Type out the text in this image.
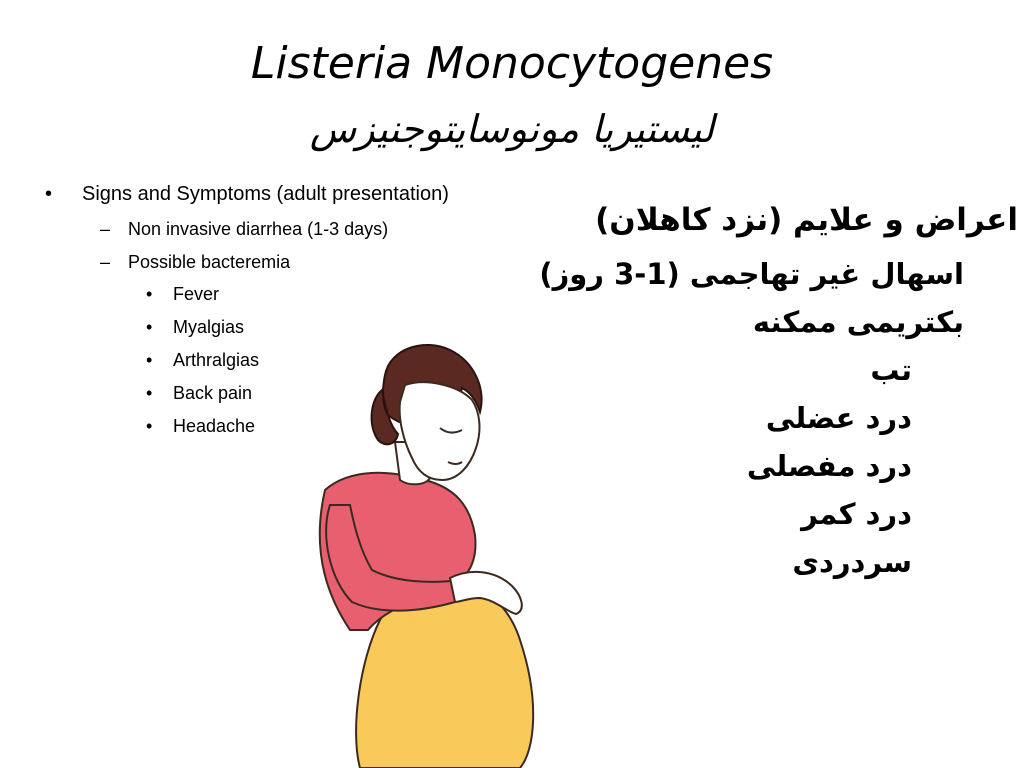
Listeria Monocytogenes
لیستیریا مونوسایتوجنیزس
• Signs and Symptoms (adult presentation)
– Non invasive diarrhea (1-3 days)
– Possible bacteremia
• Fever
• Myalgias
• Arthralgias
• Back pain
• Headache
اعراض و علایم (نزد کاهلان)
اسهال غیر تهاجمی (1-3 روز)
بکتریمی ممکنه
تب
درد عضلی
درد مفصلی
درد کمر
سردردی
